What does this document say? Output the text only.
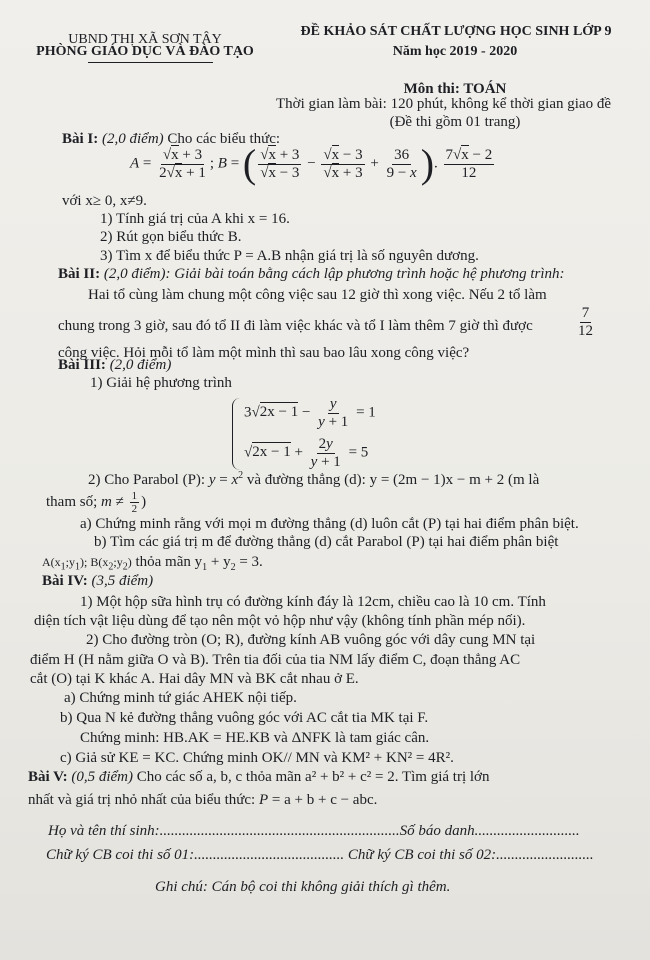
UBND THỊ XÃ SƠN TÂY
PHÒNG GIÁO DỤC VÀ ĐÀO TẠO
ĐỀ KHẢO SÁT CHẤT LƯỢNG HỌC SINH LỚP 9
Năm học 2019 - 2020
Môn thi: TOÁN
Thời gian làm bài: 120 phút, không kể thời gian giao đề
(Đề thi gồm 01 trang)
Bài I: (2,0 điểm) Cho các biểu thức:
$A = \frac{√x + 3}{2√x + 1}$ ; B = ( $\frac{√x + 3}{√x - 3} - \frac{√x - 3}{√x + 3} + \frac{36}{9 - x}$ ). $\frac{7√x - 2}{12}$
với x≥ 0, x≠9.
1) Tính giá trị của A khi x = 16.
2) Rút gọn biểu thức B.
3) Tìm x để biểu thức P = A.B nhận giá trị là số nguyên dương.
Bài II: (2,0 điểm): Giải bài toán bằng cách lập phương trình hoặc hệ phương trình:
Hai tổ cùng làm chung một công việc sau 12 giờ thì xong việc. Nếu 2 tổ làm
chung trong 3 giờ, sau đó tổ II đi làm việc khác và tổ I làm thêm 7 giờ thì được	$\frac{7}{12}$
công việc. Hỏi mỗi tổ làm một mình thì sau bao lâu xong công việc?
Bài III: (2,0 điểm)
1) Giải hệ phương trình
$3√2x - 1 - \frac{y}{y + 1} = 1$
$√2x - 1 + \frac{2y}{y + 1} = 5$
2) Cho Parabol (P): $y = x^2$ và đường thẳng (d): y = (2m − 1)x − m + 2 (m là
tham số; $m \ne \frac{1}{2}$ )
a) Chứng minh rằng với mọi m đường thẳng (d) luôn cắt (P) tại hai điểm phân biệt.
b) Tìm các giá trị m để đường thẳng (d) cắt Parabol (P) tại hai điểm phân biệt
$A(x_1;y_1)$; $B(x_2;y_2)$ thỏa mãn $y_1 + y_2 = 3$.
Bài IV: (3,5 điểm)
1) Một hộp sữa hình trụ có đường kính đáy là 12cm, chiều cao là 10 cm. Tính
diện tích vật liệu dùng để tạo nên một vỏ hộp như vậy (không tính phần mép nối).
2) Cho đường tròn (O; R), đường kính AB vuông góc với dây cung MN tại
điểm H (H nằm giữa O và B). Trên tia đối của tia NM lấy điểm C, đoạn thẳng AC
cắt (O) tại K khác A. Hai dây MN và BK cắt nhau ở E.
a) Chứng minh tứ giác AHEK nội tiếp.
b) Qua N kẻ đường thẳng vuông góc với AC cắt tia MK tại F.
Chứng minh: HB.AK = HE.KB và ΔNFK là tam giác cân.
c) Giả sử KE = KC. Chứng minh OK// MN và KM² + KN² = 4R².
Bài V: (0,5 điểm) Cho các số a, b, c thỏa mãn a² + b² + c² = 2. Tìm giá trị lớn
nhất và giá trị nhỏ nhất của biểu thức: P = a + b + c − abc.
Họ và tên thí sinh:................................................................Số báo danh............................
Chữ ký CB coi thi số 01:........................................ Chữ ký CB coi thi số 02:..........................
Ghi chú: Cán bộ coi thi không giải thích gì thêm.
